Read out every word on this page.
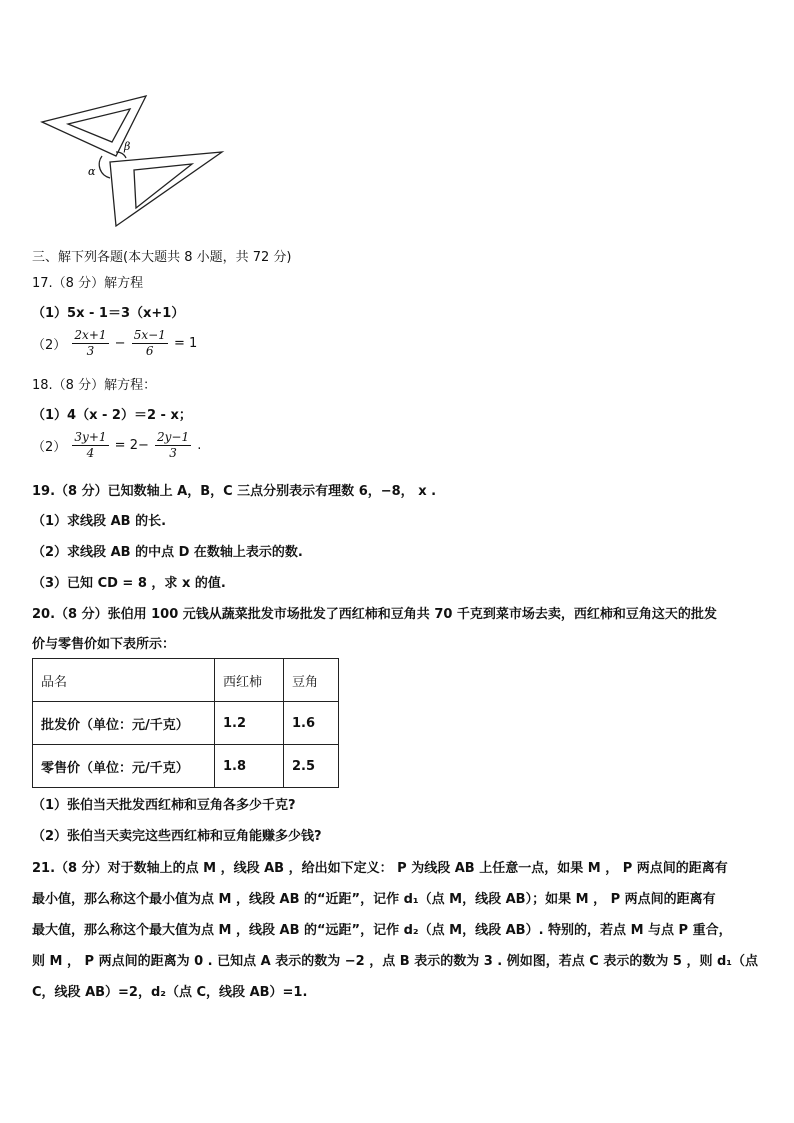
α
β
三、解下列各题(本大题共 8 小题，共 72 分)
17.（8 分）解方程
（1）5x - 1＝3（x+1）
$(2) \frac{2x+1}{3} - \frac{5x-1}{6} = 1$
18.（8 分）解方程：
（1）4（x - 2）＝2 - x；
$(2) \frac{3y+1}{4} = 2- \frac{2y-1}{3}$ .
19.（8 分）已知数轴上 A，B，C 三点分别表示有理数 6，−8， x .
（1）求线段 AB 的长.
（2）求线段 AB 的中点 D 在数轴上表示的数.
（3）已知 CD = 8 ，求 x 的值.
20.（8 分）张伯用 100 元钱从蔬菜批发市场批发了西红柿和豆角共 70 千克到菜市场去卖，西红柿和豆角这天的批发
价与零售价如下表所示：
品名	西红柿	豆角
批发价（单位：元/千克）	1.2	1.6
零售价（单位：元/千克）	1.8	2.5
（1）张伯当天批发西红柿和豆角各多少千克?
（2）张伯当天卖完这些西红柿和豆角能赚多少钱?
21.（8 分）对于数轴上的点 M ，线段 AB ，给出如下定义： P 为线段 AB 上任意一点，如果 M ， P 两点间的距离有
最小值，那么称这个最小值为点 M ，线段 AB 的“近距”，记作 d₁（点 M，线段 AB）；如果 M ， P 两点间的距离有
最大值，那么称这个最大值为点 M ，线段 AB 的“远距”，记作 d₂（点 M，线段 AB）. 特别的，若点 M 与点 P 重合，
则 M ， P 两点间的距离为 0 . 已知点 A 表示的数为 −2 ，点 B 表示的数为 3 . 例如图，若点 C 表示的数为 5 ，则 d₁（点
C，线段 AB）=2，d₂（点 C，线段 AB）=1.
